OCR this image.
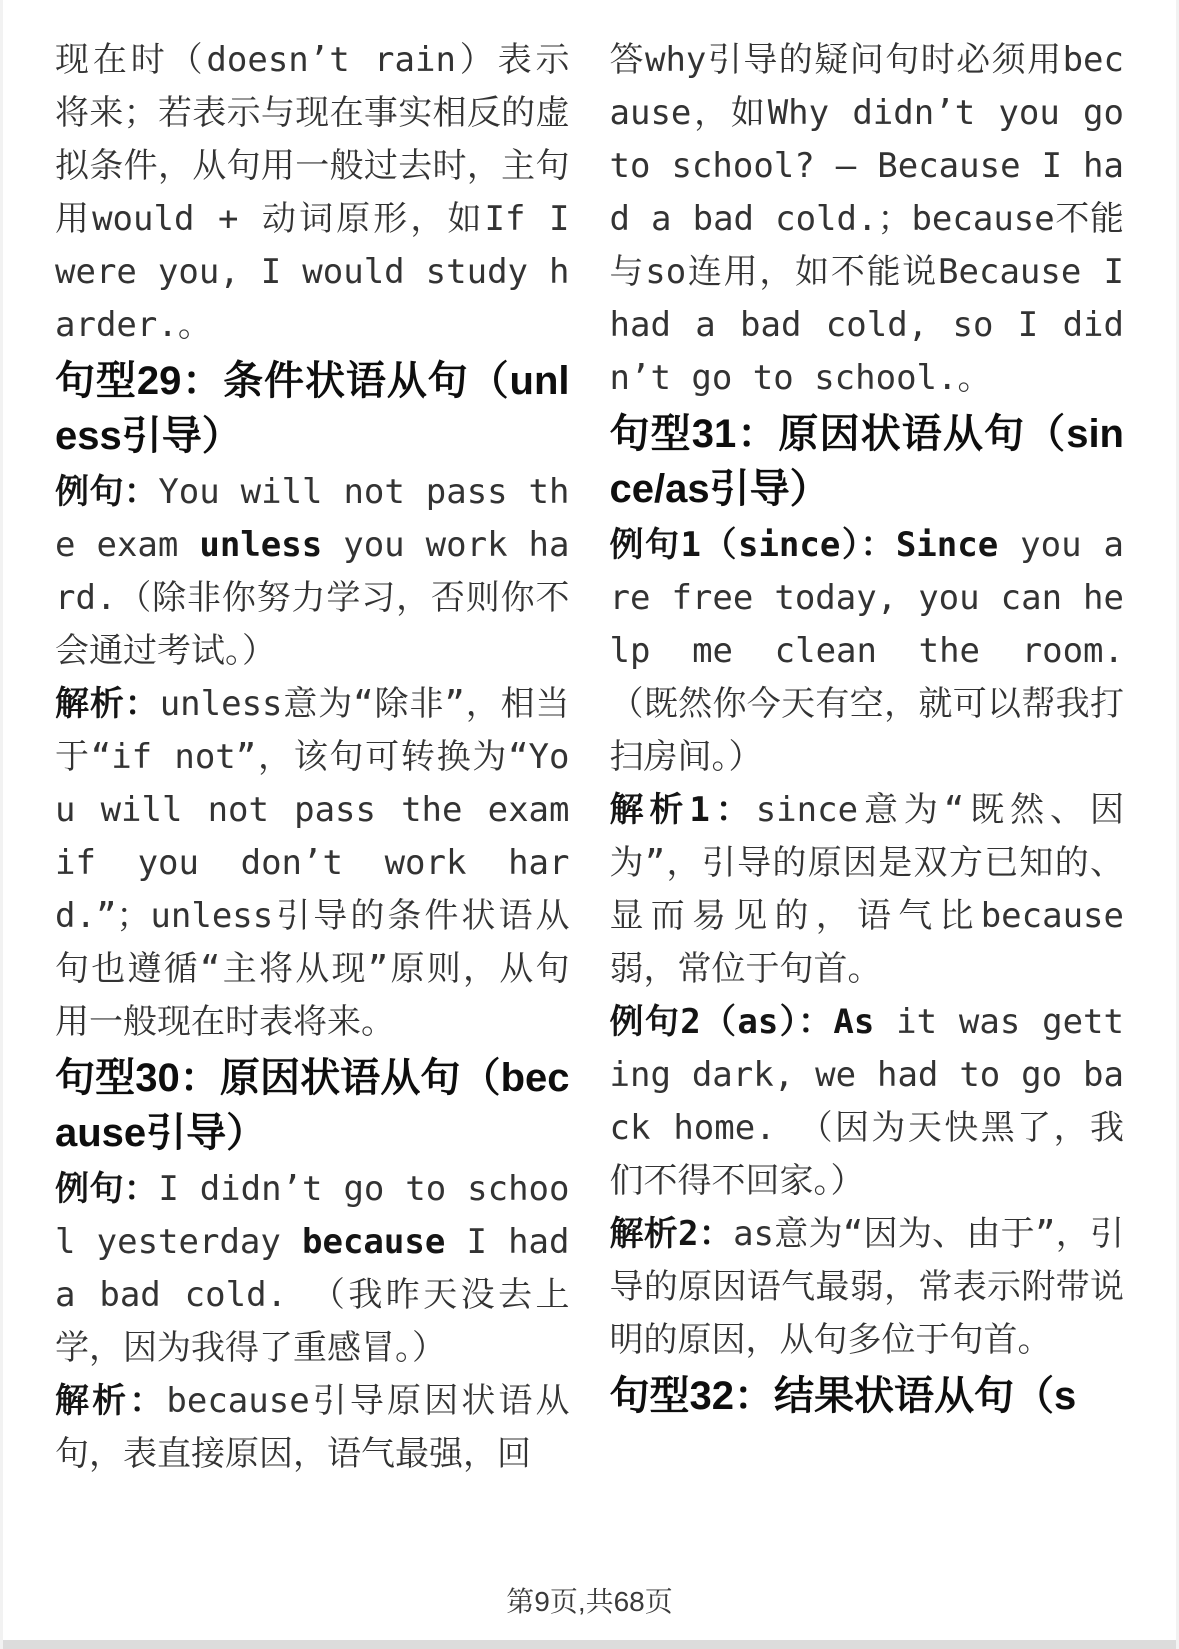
现在时（doesn’t rain）表示将来；若表示与现在事实相反的虚拟条件，从句用一般过去时，主句用would + 动词原形，如If I were you, I would study harder.。

句型29：条件状语从句（unless引导）

例句：You will not pass the exam unless you work hard.（除非你努力学习，否则你不会通过考试。）

解析：unless意为“除非”，相当于“if not”，该句可转换为“You will not pass the exam if you don’t work hard.”；unless引导的条件状语从句也遵循“主将从现”原则，从句用一般现在时表将来。

句型30：原因状语从句（because引导）

例句：I didn’t go to school yesterday because I had a bad cold. （我昨天没去上学，因为我得了重感冒。）

解析：because引导原因状语从句，表直接原因，语气最强，回

答why引导的疑问句时必须用because，如Why didn’t you go to school? — Because I had a bad cold.；because不能与so连用，如不能说Because I had a bad cold, so I didn’t go to school.。

句型31：原因状语从句（since/as引导）

例句1（since）：Since you are free today, you can help me clean the room. （既然你今天有空，就可以帮我打扫房间。）

解析1：since意为“既然、因为”，引导的原因是双方已知的、显而易见的，语气比because弱，常位于句首。

例句2（as）：As it was getting dark, we had to go back home. （因为天快黑了，我们不得不回家。）

解析2：as意为“因为、由于”，引导的原因语气最弱，常表示附带说明的原因，从句多位于句首。

句型32：结果状语从句（s
第9页,共68页
